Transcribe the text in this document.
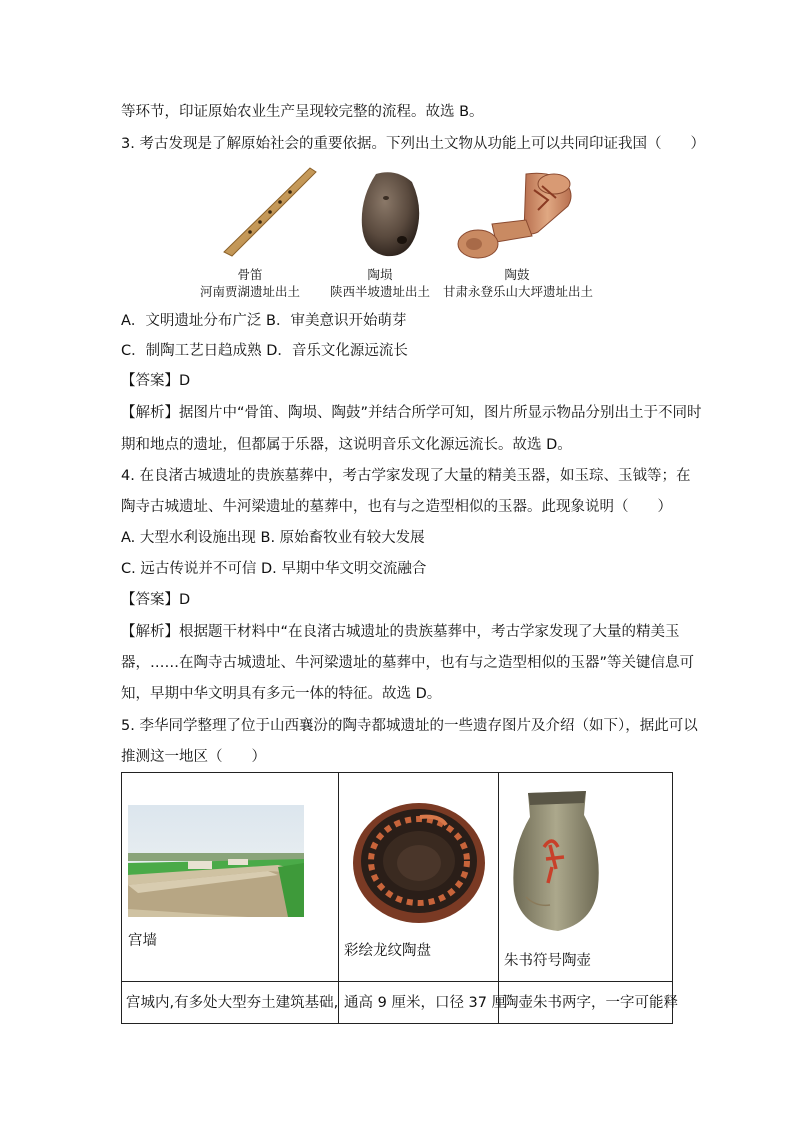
等环节，印证原始农业生产呈现较完整的流程。故选 B。
3. 考古发现是了解原始社会的重要依据。下列出土文物从功能上可以共同印证我国（　　）
骨笛
河南贾湖遗址出土
陶埙
陕西半坡遗址出土
陶鼓
甘肃永登乐山大坪遗址出土
A．文明遗址分布广泛 B．审美意识开始萌芽
C．制陶工艺日趋成熟 D．音乐文化源远流长
【答案】D
【解析】据图片中“骨笛、陶埙、陶鼓”并结合所学可知，图片所显示物品分别出土于不同时
期和地点的遗址，但都属于乐器，这说明音乐文化源远流长。故选 D。
4. 在良渚古城遗址的贵族墓葬中，考古学家发现了大量的精美玉器，如玉琮、玉钺等；在
陶寺古城遗址、牛河梁遗址的墓葬中，也有与之造型相似的玉器。此现象说明（　　）
A. 大型水利设施出现 B. 原始畜牧业有较大发展
C. 远古传说并不可信 D. 早期中华文明交流融合
【答案】D
【解析】根据题干材料中“在良渚古城遗址的贵族墓葬中，考古学家发现了大量的精美玉
器，……在陶寺古城遗址、牛河梁遗址的墓葬中，也有与之造型相似的玉器”等关键信息可
知，早期中华文明具有多元一体的特征。故选 D。
5. 李华同学整理了位于山西襄汾的陶寺都城遗址的一些遗存图片及介绍（如下），据此可以
推测这一地区（　　）
宫墙
彩绘龙纹陶盘
朱书符号陶壶
宫城内,有多处大型夯土建筑基础, 通高 9 厘米，口径 37 厘
陶壶朱书两字，一字可能释
